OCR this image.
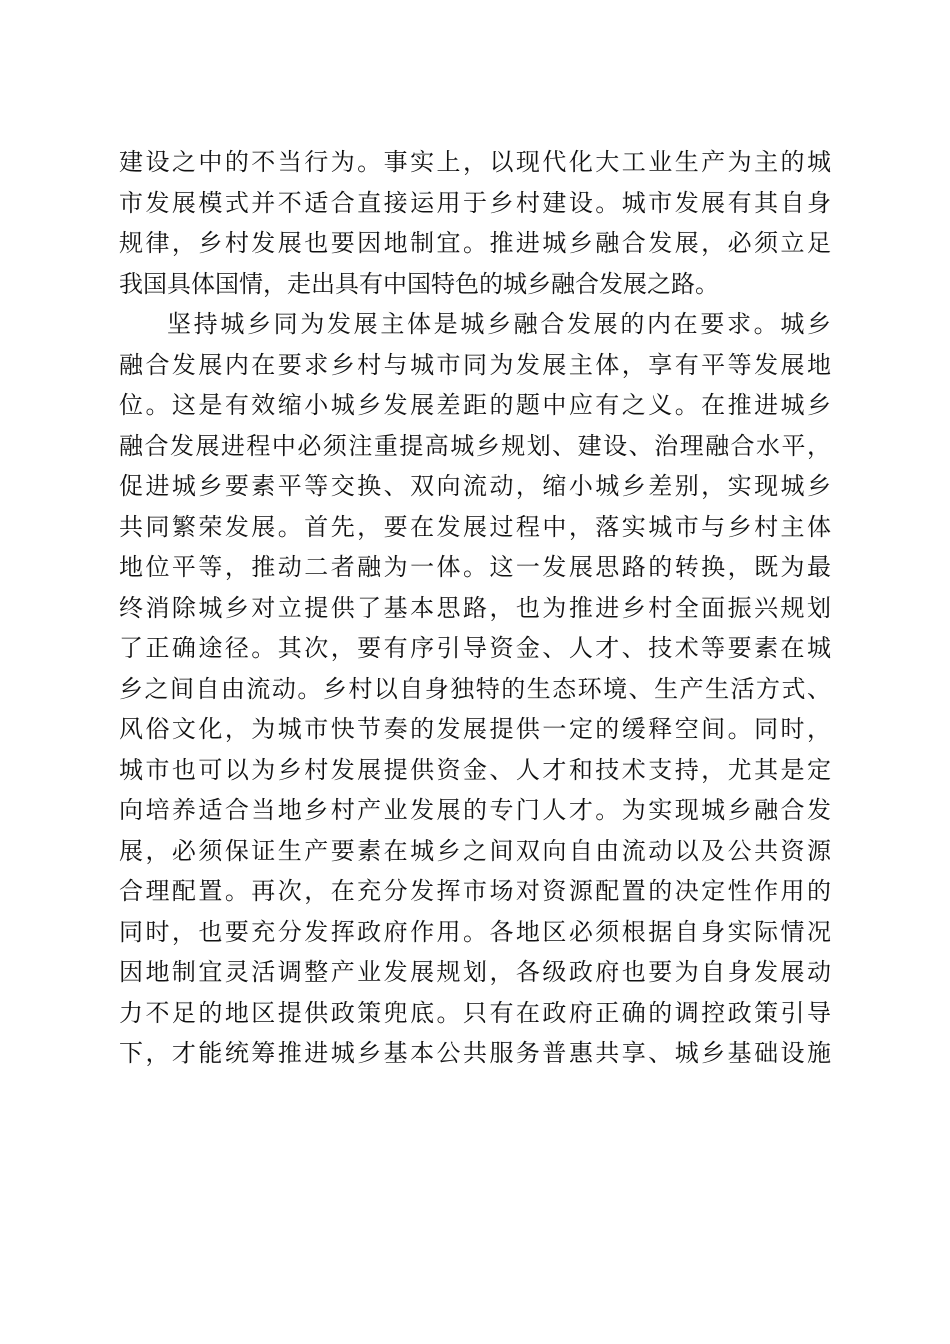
建设之中的不当行为。事实上，以现代化大工业生产为主的城
市发展模式并不适合直接运用于乡村建设。城市发展有其自身
规律，乡村发展也要因地制宜。推进城乡融合发展，必须立足
我国具体国情，走出具有中国特色的城乡融合发展之路。
坚持城乡同为发展主体是城乡融合发展的内在要求。城乡
融合发展内在要求乡村与城市同为发展主体，享有平等发展地
位。这是有效缩小城乡发展差距的题中应有之义。在推进城乡
融合发展进程中必须注重提高城乡规划、建设、治理融合水平，
促进城乡要素平等交换、双向流动，缩小城乡差别，实现城乡
共同繁荣发展。首先，要在发展过程中，落实城市与乡村主体
地位平等，推动二者融为一体。这一发展思路的转换，既为最
终消除城乡对立提供了基本思路，也为推进乡村全面振兴规划
了正确途径。其次，要有序引导资金、人才、技术等要素在城
乡之间自由流动。乡村以自身独特的生态环境、生产生活方式、
风俗文化，为城市快节奏的发展提供一定的缓释空间。同时，
城市也可以为乡村发展提供资金、人才和技术支持，尤其是定
向培养适合当地乡村产业发展的专门人才。为实现城乡融合发
展，必须保证生产要素在城乡之间双向自由流动以及公共资源
合理配置。再次，在充分发挥市场对资源配置的决定性作用的
同时，也要充分发挥政府作用。各地区必须根据自身实际情况
因地制宜灵活调整产业发展规划，各级政府也要为自身发展动
力不足的地区提供政策兜底。只有在政府正确的调控政策引导
下，才能统筹推进城乡基本公共服务普惠共享、城乡基础设施
